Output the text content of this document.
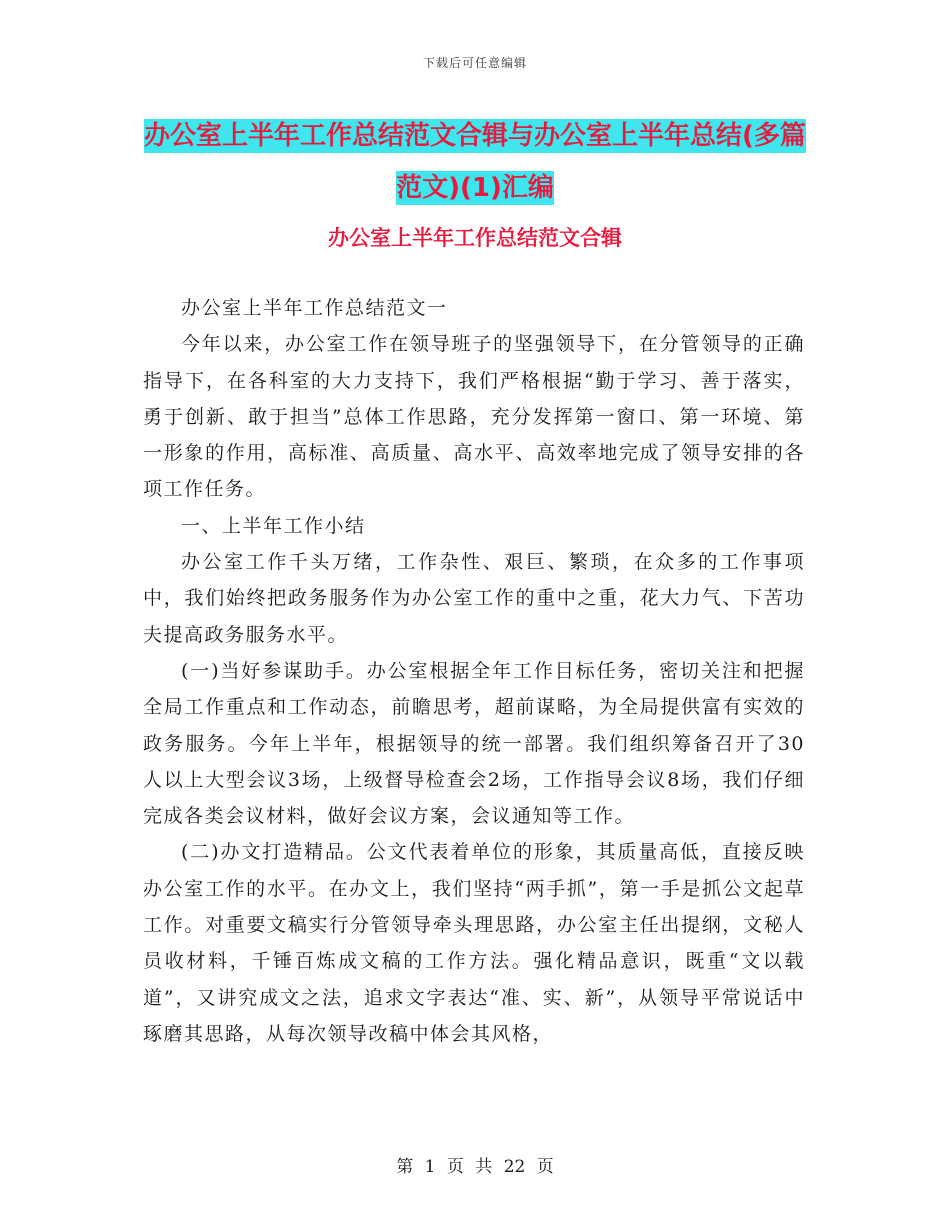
下载后可任意编辑
办公室上半年工作总结范文合辑与办公室上半年总结(多篇范文)(1)汇编
办公室上半年工作总结范文合辑

办公室上半年工作总结范文一

今年以来，办公室工作在领导班子的坚强领导下，在分管领导的正确指导下，在各科室的大力支持下，我们严格根据“勤于学习、善于落实，勇于创新、敢于担当”总体工作思路，充分发挥第一窗口、第一环境、第一形象的作用，高标准、高质量、高水平、高效率地完成了领导安排的各项工作任务。

一、上半年工作小结

办公室工作千头万绪，工作杂性、艰巨、繁琐，在众多的工作事项中，我们始终把政务服务作为办公室工作的重中之重，花大力气、下苦功夫提高政务服务水平。

(一)当好参谋助手。办公室根据全年工作目标任务，密切关注和把握全局工作重点和工作动态，前瞻思考，超前谋略，为全局提供富有实效的政务服务。今年上半年，根据领导的统一部署。我们组织筹备召开了30人以上大型会议3场，上级督导检查会2场，工作指导会议8场，我们仔细完成各类会议材料，做好会议方案，会议通知等工作。

(二)办文打造精品。公文代表着单位的形象，其质量高低，直接反映办公室工作的水平。在办文上，我们坚持“两手抓”，第一手是抓公文起草工作。对重要文稿实行分管领导牵头理思路，办公室主任出提纲，文秘人员收材料，千锤百炼成文稿的工作方法。强化精品意识，既重“文以载道”，又讲究成文之法，追求文字表达“准、实、新”，从领导平常说话中琢磨其思路，从每次领导改稿中体会其风格，

第 1 页 共 22 页
